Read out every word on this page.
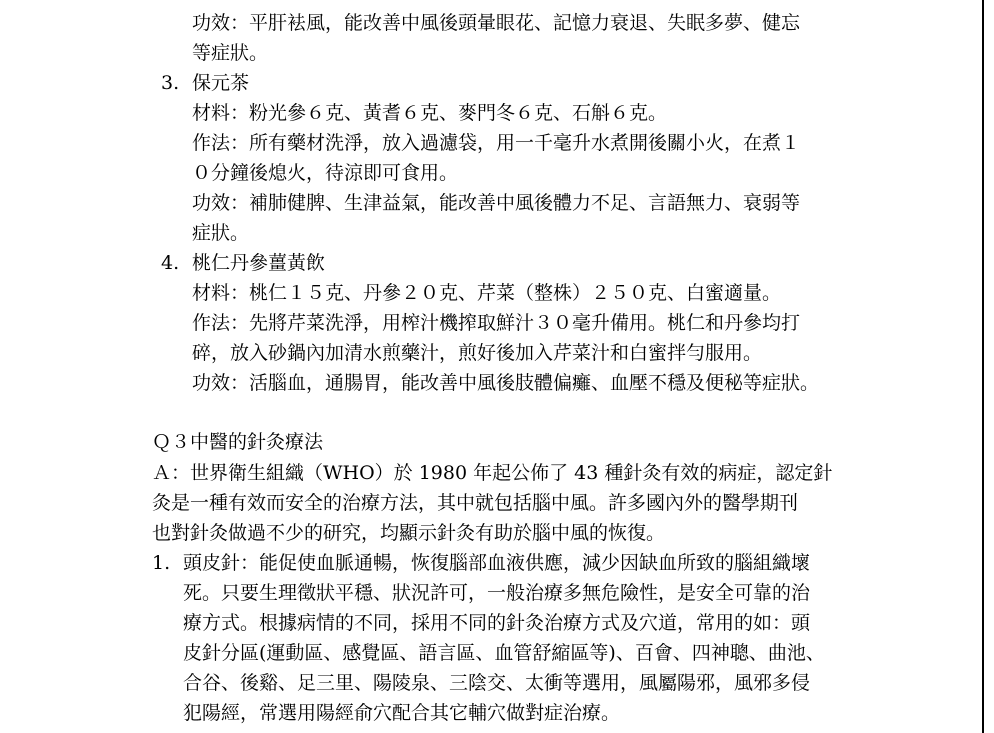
功效：平肝袪風，能改善中風後頭暈眼花、記憶力衰退、失眠多夢、健忘
等症狀。
3. 保元茶
材料：粉光參６克、黃耆６克、麥門冬６克、石斛６克。
作法：所有藥材洗淨，放入過濾袋，用一千毫升水煮開後關小火，在煮１
０分鐘後熄火，待涼即可食用。
功效：補肺健脾、生津益氣，能改善中風後體力不足、言語無力、衰弱等
症狀。
4. 桃仁丹參薑黃飲
材料：桃仁１５克、丹參２０克、芹菜（整株）２５０克、白蜜適量。
作法：先將芹菜洗淨，用榨汁機搾取鮮汁３０毫升備用。桃仁和丹參均打
碎，放入砂鍋內加清水煎藥汁，煎好後加入芹菜汁和白蜜拌勻服用。
功效：活腦血，通腸胃，能改善中風後肢體偏癱、血壓不穩及便秘等症狀。
Ｑ３中醫的針灸療法
Ａ：世界衛生組織（WHO）於 1980 年起公佈了 43 種針灸有效的病症，認定針
灸是一種有效而安全的治療方法，其中就包括腦中風。許多國內外的醫學期刊
也對針灸做過不少的研究，均顯示針灸有助於腦中風的恢復。
1. 頭皮針：能促使血脈通暢，恢復腦部血液供應，減少因缺血所致的腦組織壞
死。只要生理徵狀平穩、狀況許可，一般治療多無危險性，是安全可靠的治
療方式。根據病情的不同，採用不同的針灸治療方式及穴道，常用的如：頭
皮針分區(運動區、感覺區、語言區、血管舒縮區等)、百會、四神聰、曲池、
合谷、後谿、足三里、陽陵泉、三陰交、太衝等選用，風屬陽邪，風邪多侵
犯陽經，常選用陽經俞穴配合其它輔穴做對症治療。
